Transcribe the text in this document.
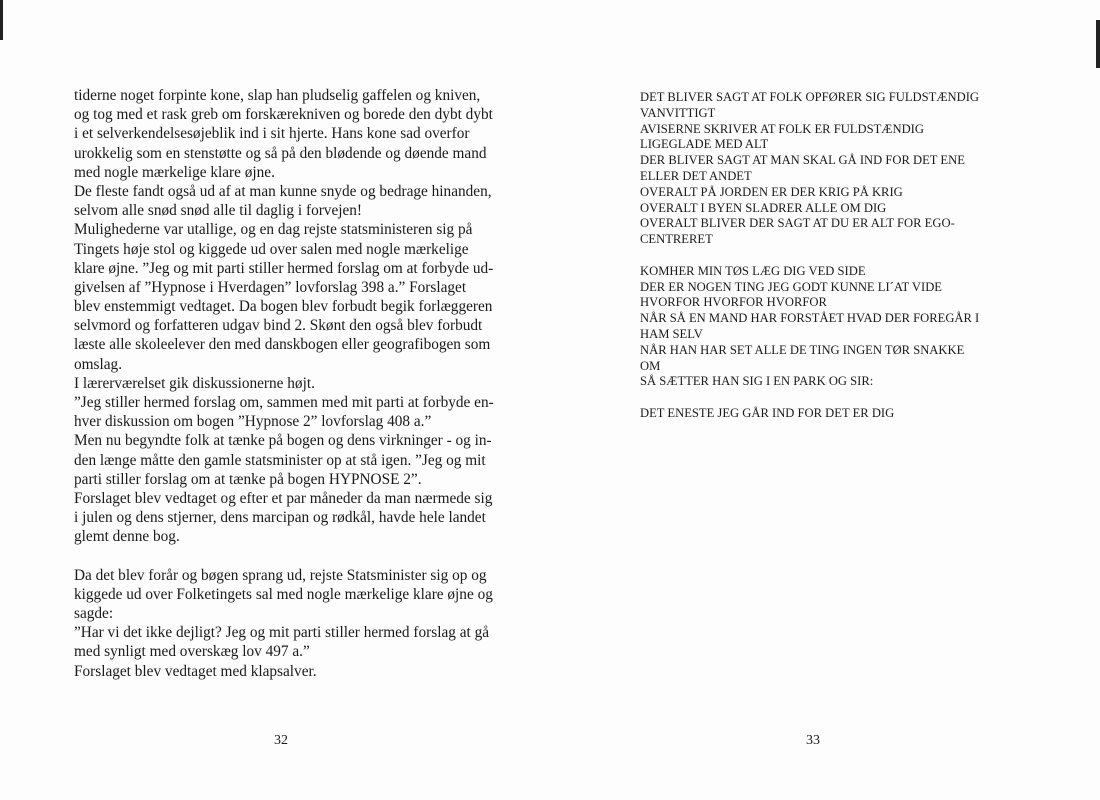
tiderne noget forpinte kone, slap han pludselig gaffelen og kniven,
og tog med et rask greb om forskærekniven og borede den dybt dybt
i et selverkendelsesøjeblik ind i sit hjerte. Hans kone sad overfor
urokkelig som en stenstøtte og så på den blødende og døende mand
med nogle mærkelige klare øjne.
De fleste fandt også ud af at man kunne snyde og bedrage hinanden,
selvom alle snød snød alle til daglig i forvejen!
Mulighederne var utallige, og en dag rejste statsministeren sig på
Tingets høje stol og kiggede ud over salen med nogle mærkelige
klare øjne. ”Jeg og mit parti stiller hermed forslag om at forbyde ud-
givelsen af ”Hypnose i Hverdagen” lovforslag 398 a.” Forslaget
blev enstemmigt vedtaget. Da bogen blev forbudt begik forlæggeren
selvmord og forfatteren udgav bind 2. Skønt den også blev forbudt
læste alle skoleelever den med danskbogen eller geografibogen som
omslag.
I lærerværelset gik diskussionerne højt.
”Jeg stiller hermed forslag om, sammen med mit parti at forbyde en-
hver diskussion om bogen ”Hypnose 2” lovforslag 408 a.”
Men nu begyndte folk at tænke på bogen og dens virkninger - og in-
den længe måtte den gamle statsminister op at stå igen. ”Jeg og mit
parti stiller forslag om at tænke på bogen HYPNOSE 2”.
Forslaget blev vedtaget og efter et par måneder da man nærmede sig
i julen og dens stjerner, dens marcipan og rødkål, havde hele landet
glemt denne bog.
Da det blev forår og bøgen sprang ud, rejste Statsminister sig op og
kiggede ud over Folketingets sal med nogle mærkelige klare øjne og
sagde:
”Har vi det ikke dejligt? Jeg og mit parti stiller hermed forslag at gå
med synligt med overskæg lov 497 a.”
Forslaget blev vedtaget med klapsalver.
32
DET BLIVER SAGT AT FOLK OPFØRER SIG FULDSTÆNDIG
VANVITTIGT
AVISERNE SKRIVER AT FOLK ER FULDSTÆNDIG
LIGEGLADE MED ALT
DER BLIVER SAGT AT MAN SKAL GÅ IND FOR DET ENE
ELLER DET ANDET
OVERALT PÅ JORDEN ER DER KRIG PÅ KRIG
OVERALT I BYEN SLADRER ALLE OM DIG
OVERALT BLIVER DER SAGT AT DU ER ALT FOR EGO-
CENTRERET
KOMHER MIN TØS LÆG DIG VED SIDE
DER ER NOGEN TING JEG GODT KUNNE LI´AT VIDE
HVORFOR HVORFOR HVORFOR
NÅR SÅ EN MAND HAR FORSTÅET HVAD DER FOREGÅR I
HAM SELV
NÅR HAN HAR SET ALLE DE TING INGEN TØR SNAKKE
OM
SÅ SÆTTER HAN SIG I EN PARK OG SIR:
DET ENESTE JEG GÅR IND FOR DET ER DIG
33
